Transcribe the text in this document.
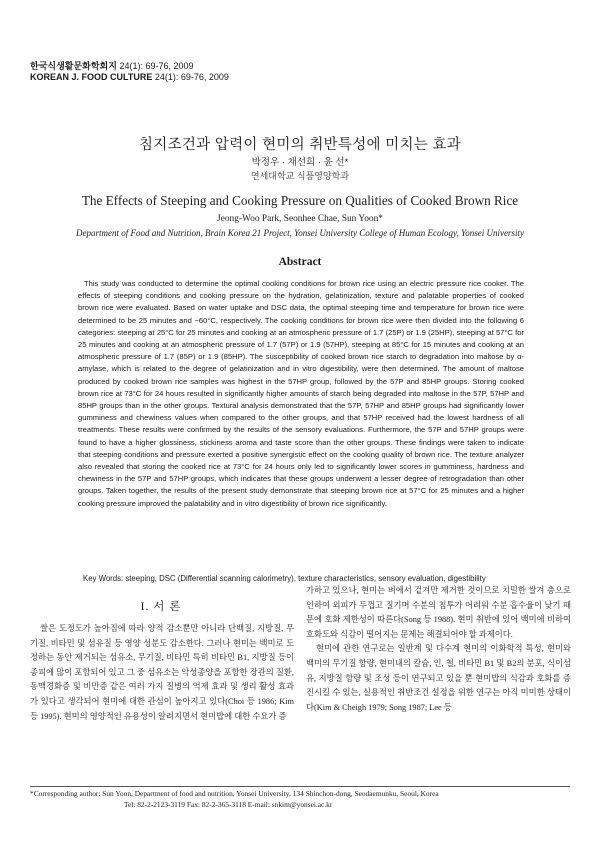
한국식생활문화학회지 24(1): 69-76, 2009
KOREAN J. FOOD CULTURE 24(1): 69-76, 2009
침지조건과 압력이 현미의 취반특성에 미치는 효과
박정우 · 채선희 · 윤 선*
연세대학교 식품영양학과
The Effects of Steeping and Cooking Pressure on Qualities of Cooked Brown Rice
Jeong-Woo Park, Seonhee Chae, Sun Yoon*
Department of Food and Nutrition, Brain Korea 21 Project, Yonsei University College of Human Ecology, Yonsei University
Abstract
This study was conducted to determine the optimal cooking conditions for brown rice using an electric pressure rice cooker. The effects of steeping conditions and cooking pressure on the hydration, gelatinization, texture and palatable properties of cooked brown rice were evaluated. Based on water uptake and DSC data, the optimal steeping time and temperature for brown rice were determined to be 25 minutes and ~60°C, respectively. The cooking conditions for brown rice were then divided into the following 6 categories: steeping at 25°C for 25 minutes and cooking at an atmospheric pressure of 1.7 (25P) or 1.9 (25HP), steeping at 57°C for 25 minutes and cooking at an atmospheric pressure of 1.7 (57P) or 1.9 (57HP), steeping at 85°C for 15 minutes and cooking at an atmospheric pressure of 1.7 (85P) or 1.9 (85HP). The susceptibility of cooked brown rice starch to degradation into maltose by α-amylase, which is related to the degree of gelatinization and in vitro digestibility, were then determined. The amount of maltose produced by cooked brown rice samples was highest in the 57HP group, followed by the 57P and 85HP groups. Storing cooked brown rice at 73°C for 24 hours resulted in significantly higher amounts of starch being degraded into maltose in the 57P, 57HP and 85HP groups than in the other groups. Textural analysis demonstrated that the 57P, 57HP and 85HP groups had significantly lower gumminess and chewiness values when compared to the other groups, and that 57HP received had the lowest hardness of all treatments. These results were confirmed by the results of the sensory evaluations. Furthermore, the 57P and 57HP groups were found to have a higher glossiness, stickiness aroma and taste score than the other groups. These findings were taken to indicate that steeping conditions and pressure exerted a positive synergistic effect on the cooking quality of brown rice. The texture analyzer also revealed that storing the cooked rice at 73°C for 24 hours only led to significantly lower scores in gumminess, hardness and chewiness in the 57P and 57HP groups, which indicates that these groups underwent a lesser degree of retrogradation than other groups. Taken together, the results of the present study demonstrate that steeping brown rice at 57°C for 25 minutes and a higher cooking pressure improved the palatability and in vitro digestibility of brown rice significantly.
Key Words: steeping, DSC (Differential scanning calorimetry), texture characteristics, sensory evaluation, digestibility
I. 서 론
쌀은 도정도가 높아짐에 따라 양적 감소뿐만 아니라 단백질, 지방질, 무기질, 비타민 및 섬유질 등 영양 성분도 감소한다. 그러나 현미는 백미로 도정하는 동안 제거되는 섬유소, 무기질, 비타민 특히 비타민 B1, 지방질 등이 종피에 많이 포함되어 있고 그 중 섬유소는 악성종양을 포함한 장관의 질환, 동맥경화증 및 비만증 같은 여러 가지 질병의 억제 효과 및 생리 활성 효과가 있다고 생각되어 현미에 대한 관심이 높아지고 있다(Choi 등 1986; Kim 등 1995). 현미의 영양적인 유용성이 알려지면서 현미밥에 대한 수요가 증

가하고 있으나, 현미는 벼에서 겉겨만 제거한 것이므로 치밀한 쌀겨 층으로 인하여 외피가 두껍고 질기며 수분의 침투가 어려워 수분 흡수율이 낮기 때문에 호화 제한성이 따른다(Song 등 1988). 현미 취반에 있어 백미에 비하여 호화도와 식감이 떨어지는 문제는 해결되어야 할 과제이다.

현미에 관한 연구로는 일반계 및 다수계 현미의 이화학적 특성, 현미와 백미의 무기질 함량, 현미내의 칼슘, 인, 철, 비타민 B1 및 B2의 분포, 식이섬유, 지방질 함량 및 조성 등이 연구되고 있을 뿐 현미밥의 식감과 호화를 증진시킬 수 있는, 실용적인 취반조건 설정을 위한 연구는 아직 미미한 상태이다(Kim & Cheigh 1979; Song 1987; Lee 등

*Corresponding author: Sun Yoon, Department of food and nutrition, Yonsei University, 134 Shinchon-dong, Seodaemunku, Seoul, Korea
Tel: 82-2-2123-3119 Fax: 82-2-365-3118 E-mail: snkim@yonsei.ac.kr
